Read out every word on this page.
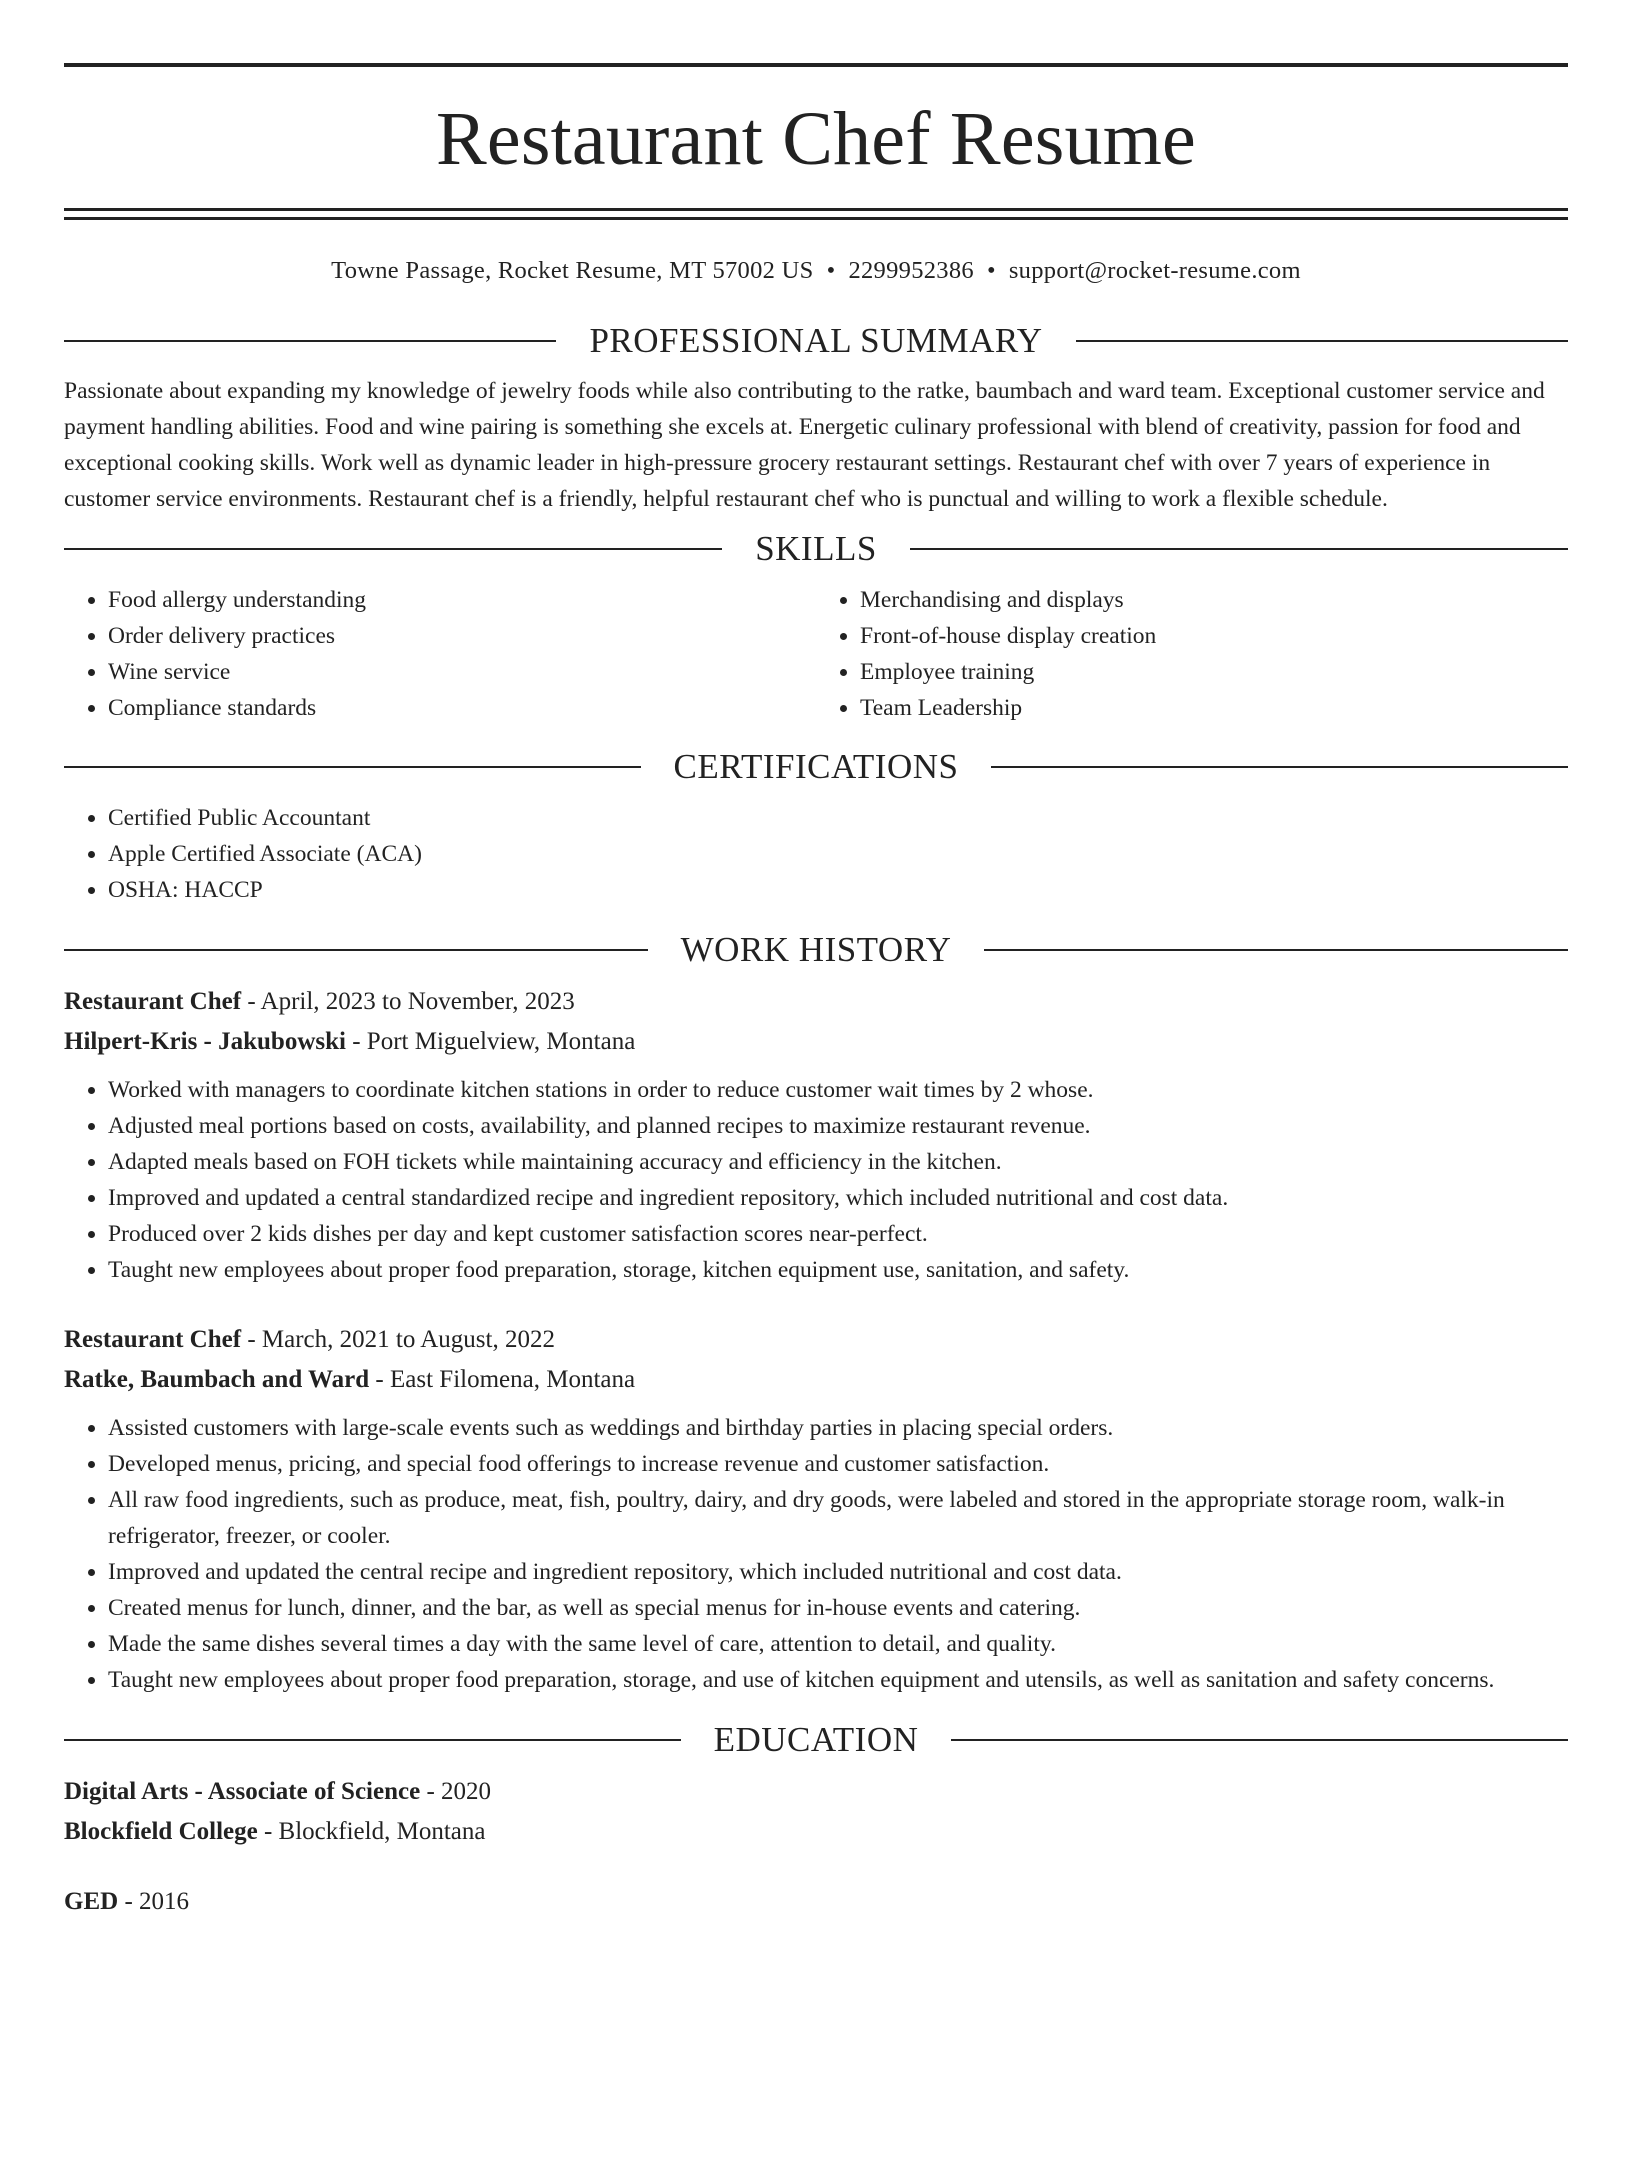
Restaurant Chef Resume
Towne Passage, Rocket Resume, MT 57002 US • 2299952386 • support@rocket-resume.com
PROFESSIONAL SUMMARY

Passionate about expanding my knowledge of jewelry foods while also contributing to the ratke, baumbach and ward team. Exceptional customer service and payment handling abilities. Food and wine pairing is something she excels at. Energetic culinary professional with blend of creativity, passion for food and exceptional cooking skills. Work well as dynamic leader in high-pressure grocery restaurant settings. Restaurant chef with over 7 years of experience in customer service environments. Restaurant chef is a friendly, helpful restaurant chef who is punctual and willing to work a flexible schedule.

SKILLS
• Food allergy understanding
• Order delivery practices
• Wine service
• Compliance standards
• Merchandising and displays
• Front-of-house display creation
• Employee training
• Team Leadership
CERTIFICATIONS
• Certified Public Accountant
• Apple Certified Associate (ACA)
• OSHA: HACCP
WORK HISTORY
Restaurant Chef - April, 2023 to November, 2023
Hilpert-Kris - Jakubowski - Port Miguelview, Montana
• Worked with managers to coordinate kitchen stations in order to reduce customer wait times by 2 whose.
• Adjusted meal portions based on costs, availability, and planned recipes to maximize restaurant revenue.
• Adapted meals based on FOH tickets while maintaining accuracy and efficiency in the kitchen.
• Improved and updated a central standardized recipe and ingredient repository, which included nutritional and cost data.
• Produced over 2 kids dishes per day and kept customer satisfaction scores near-perfect.
• Taught new employees about proper food preparation, storage, kitchen equipment use, sanitation, and safety.
Restaurant Chef - March, 2021 to August, 2022
Ratke, Baumbach and Ward - East Filomena, Montana
• Assisted customers with large-scale events such as weddings and birthday parties in placing special orders.
• Developed menus, pricing, and special food offerings to increase revenue and customer satisfaction.
• All raw food ingredients, such as produce, meat, fish, poultry, dairy, and dry goods, were labeled and stored in the appropriate storage room, walk-in refrigerator, freezer, or cooler.
• Improved and updated the central recipe and ingredient repository, which included nutritional and cost data.
• Created menus for lunch, dinner, and the bar, as well as special menus for in-house events and catering.
• Made the same dishes several times a day with the same level of care, attention to detail, and quality.
• Taught new employees about proper food preparation, storage, and use of kitchen equipment and utensils, as well as sanitation and safety concerns.
EDUCATION
Digital Arts - Associate of Science - 2020
Blockfield College - Blockfield, Montana
GED - 2016
